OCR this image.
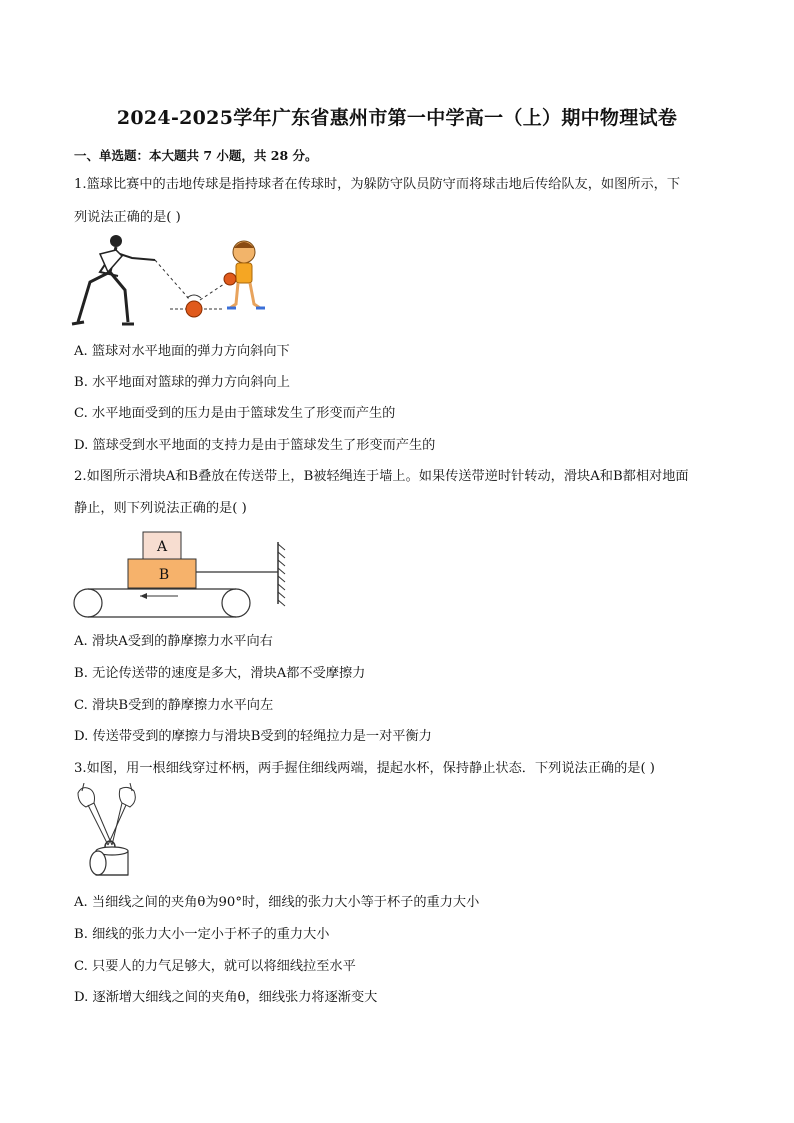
2024-2025学年广东省惠州市第一中学高一（上）期中物理试卷
一、单选题：本大题共 7 小题，共 28 分。
1.篮球比赛中的击地传球是指持球者在传球时，为躲防守队员防守而将球击地后传给队友，如图所示，下
列说法正确的是( )
A. 篮球对水平地面的弹力方向斜向下
B. 水平地面对篮球的弹力方向斜向上
C. 水平地面受到的压力是由于篮球发生了形变而产生的
D. 篮球受到水平地面的支持力是由于篮球发生了形变而产生的
2.如图所示滑块A和B叠放在传送带上，B被轻绳连于墙上。如果传送带逆时针转动，滑块A和B都相对地面
静止，则下列说法正确的是( )
A
B
A. 滑块A受到的静摩擦力水平向右
B. 无论传送带的速度是多大，滑块A都不受摩擦力
C. 滑块B受到的静摩擦力水平向左
D. 传送带受到的摩擦力与滑块B受到的轻绳拉力是一对平衡力
3.如图，用一根细线穿过杯柄，两手握住细线两端，提起水杯，保持静止状态．下列说法正确的是( )
A. 当细线之间的夹角θ为90°时，细线的张力大小等于杯子的重力大小
B. 细线的张力大小一定小于杯子的重力大小
C. 只要人的力气足够大，就可以将细线拉至水平
D. 逐渐增大细线之间的夹角θ，细线张力将逐渐变大
